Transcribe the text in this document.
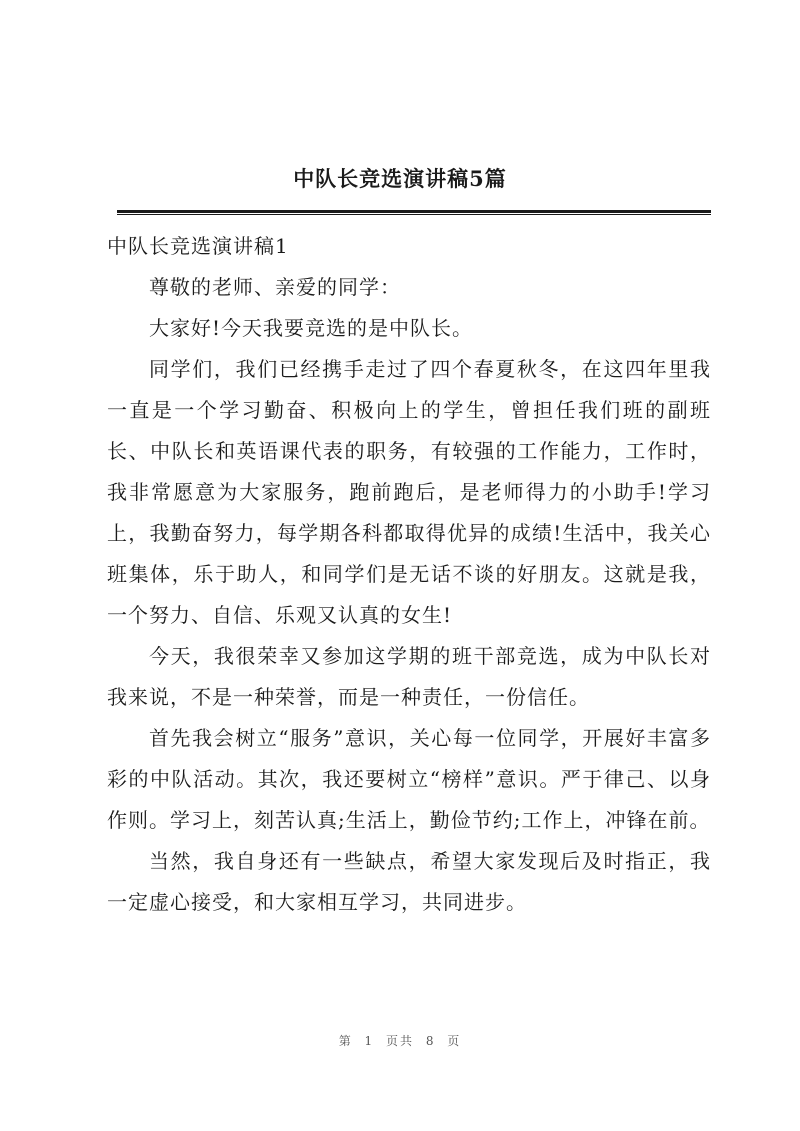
中队长竞选演讲稿5篇
中队长竞选演讲稿1

尊敬的老师、亲爱的同学：

大家好!今天我要竞选的是中队长。

同学们，我们已经携手走过了四个春夏秋冬，在这四年里我一直是一个学习勤奋、积极向上的学生，曾担任我们班的副班长、中队长和英语课代表的职务，有较强的工作能力，工作时，我非常愿意为大家服务，跑前跑后，是老师得力的小助手!学习上，我勤奋努力，每学期各科都取得优异的成绩!生活中，我关心班集体，乐于助人，和同学们是无话不谈的好朋友。这就是我，一个努力、自信、乐观又认真的女生!

今天，我很荣幸又参加这学期的班干部竞选，成为中队长对我来说，不是一种荣誉，而是一种责任，一份信任。

首先我会树立“服务”意识，关心每一位同学，开展好丰富多彩的中队活动。其次，我还要树立“榜样”意识。严于律己、以身作则。学习上，刻苦认真;生活上，勤俭节约;工作上，冲锋在前。

当然，我自身还有一些缺点，希望大家发现后及时指正，我一定虚心接受，和大家相互学习，共同进步。

第 1 页共 8 页
